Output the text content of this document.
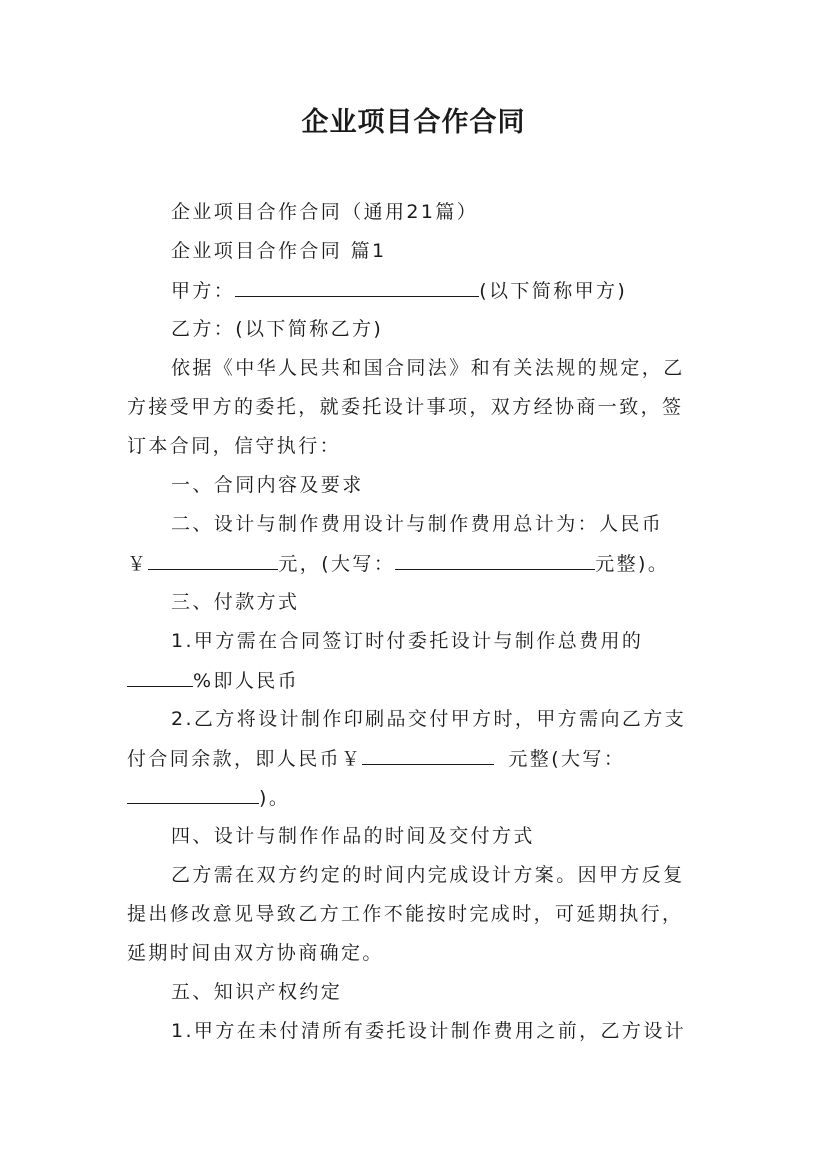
企业项目合作合同
企业项目合作合同（通用21篇）
企业项目合作合同 篇1
甲方：	(以下简称甲方)
乙方：(以下简称乙方)
依据《中华人民共和国合同法》和有关法规的规定，乙
方接受甲方的委托，就委托设计事项，双方经协商一致，签
订本合同，信守执行：
一、合同内容及要求
二、设计与制作费用设计与制作费用总计为：人民币
￥	元，(大写：	元整)。
三、付款方式
1.甲方需在合同签订时付委托设计与制作总费用的
%即人民币
2.乙方将设计制作印刷品交付甲方时，甲方需向乙方支
付合同余款，即人民币￥	元整(大写：
)。
四、设计与制作作品的时间及交付方式
乙方需在双方约定的时间内完成设计方案。因甲方反复
提出修改意见导致乙方工作不能按时完成时，可延期执行，
延期时间由双方协商确定。
五、知识产权约定
1.甲方在未付清所有委托设计制作费用之前，乙方设计
